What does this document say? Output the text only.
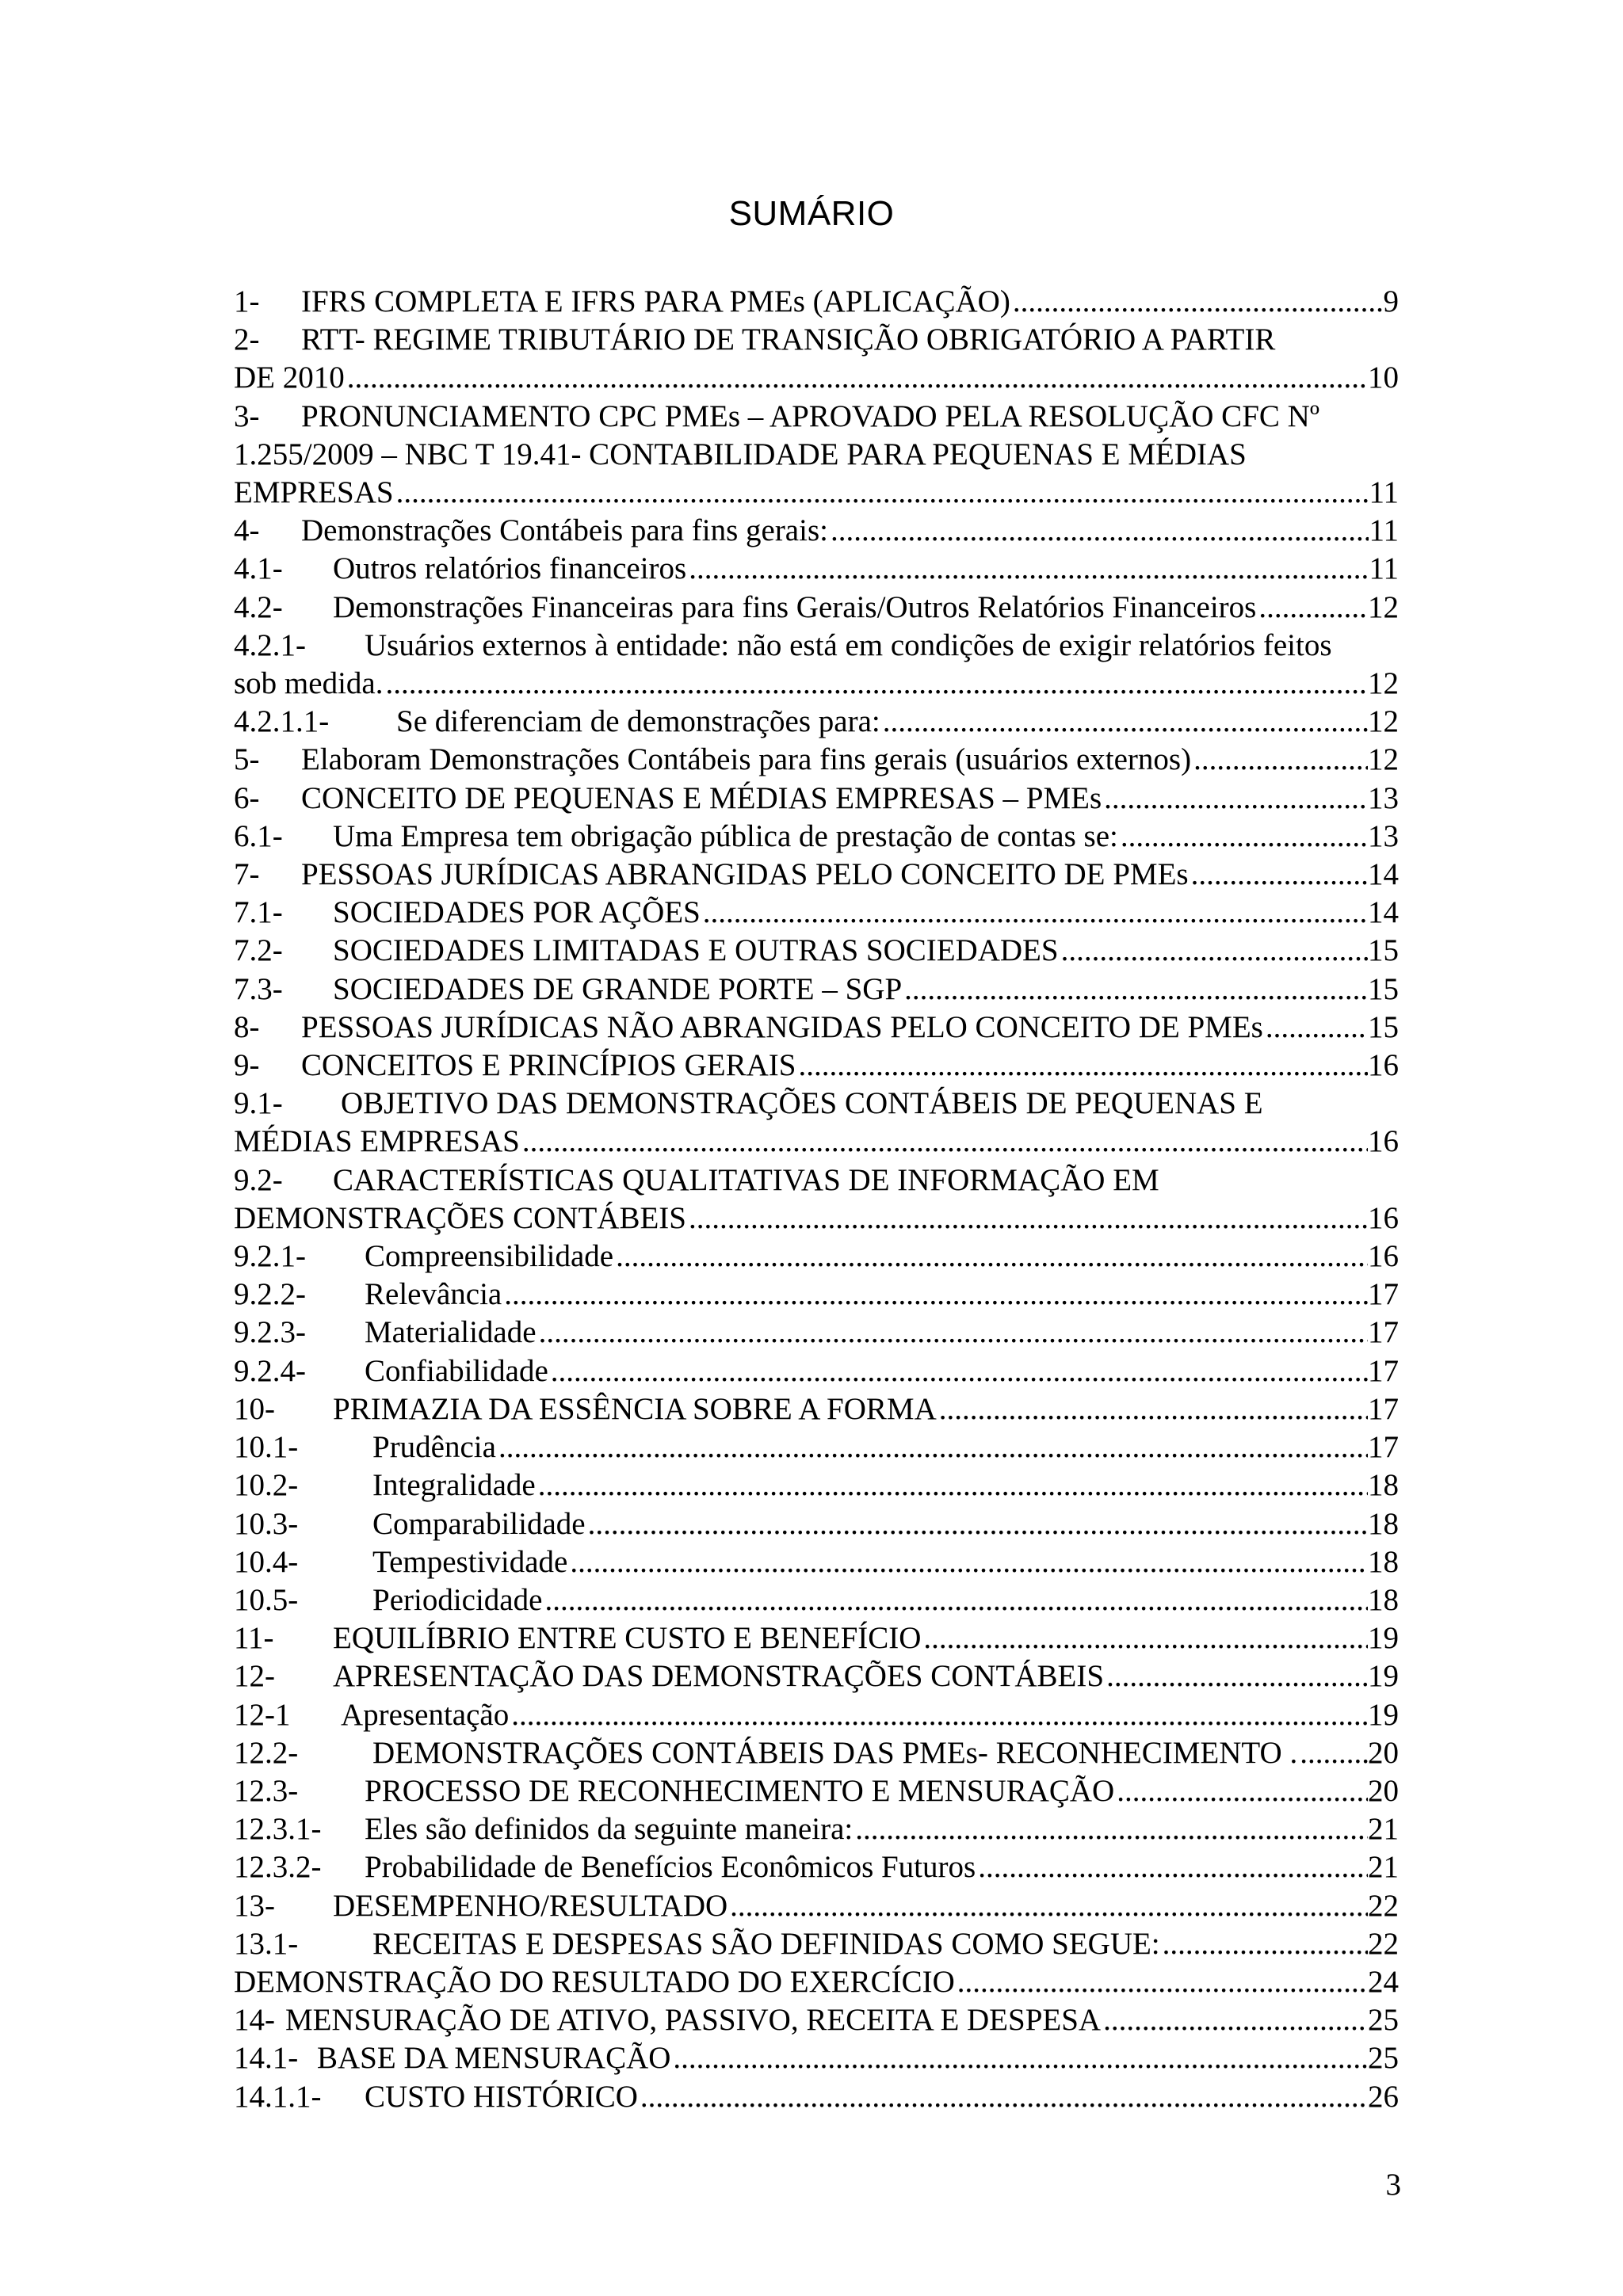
SUMÁRIO
1- IFRS COMPLETA E IFRS PARA PMEs (APLICAÇÃO) .....	9
2- RTT- REGIME TRIBUTÁRIO DE TRANSIÇÃO OBRIGATÓRIO A PARTIR
DE 2010 .....	10
3- PRONUNCIAMENTO CPC PMEs – APROVADO PELA RESOLUÇÃO CFC Nº
1.255/2009 – NBC T 19.41- CONTABILIDADE PARA PEQUENAS E MÉDIAS
EMPRESAS .....	11
4- Demonstrações Contábeis para fins gerais: .....	11
4.1- Outros relatórios financeiros .....	11
4.2- Demonstrações Financeiras para fins Gerais/Outros Relatórios Financeiros .....	12
4.2.1- Usuários externos à entidade: não está em condições de exigir relatórios feitos
sob medida. .....	12
4.2.1.1- Se diferenciam de demonstrações para: .....	12
5- Elaboram Demonstrações Contábeis para fins gerais (usuários externos) .....	12
6- CONCEITO DE PEQUENAS E MÉDIAS EMPRESAS – PMEs .....	13
6.1- Uma Empresa tem obrigação pública de prestação de contas se: .....	13
7- PESSOAS JURÍDICAS ABRANGIDAS PELO CONCEITO DE PMEs .....	14
7.1- SOCIEDADES POR AÇÕES .....	14
7.2- SOCIEDADES LIMITADAS E OUTRAS SOCIEDADES .....	15
7.3- SOCIEDADES DE GRANDE PORTE – SGP .....	15
8- PESSOAS JURÍDICAS NÃO ABRANGIDAS PELO CONCEITO DE PMEs .....	15
9- CONCEITOS E PRINCÍPIOS GERAIS .....	16
9.1- OBJETIVO DAS DEMONSTRAÇÕES CONTÁBEIS DE PEQUENAS E
MÉDIAS EMPRESAS .....	16
9.2- CARACTERÍSTICAS QUALITATIVAS DE INFORMAÇÃO EM
DEMONSTRAÇÕES CONTÁBEIS .....	16
9.2.1- Compreensibilidade .....	16
9.2.2- Relevância .....	17
9.2.3- Materialidade .....	17
9.2.4- Confiabilidade .....	17
10- PRIMAZIA DA ESSÊNCIA SOBRE A FORMA .....	17
10.1- Prudência .....	17
10.2- Integralidade .....	18
10.3- Comparabilidade .....	18
10.4- Tempestividade .....	18
10.5- Periodicidade .....	18
11- EQUILÍBRIO ENTRE CUSTO E BENEFÍCIO .....	19
12- APRESENTAÇÃO DAS DEMONSTRAÇÕES CONTÁBEIS .....	19
12-1 Apresentação .....	19
12.2- DEMONSTRAÇÕES CONTÁBEIS DAS PMEs- RECONHECIMENTO . ..... 20
12.3- PROCESSO DE RECONHECIMENTO E MENSURAÇÃO .....	20
12.3.1- Eles são definidos da seguinte maneira: .....	21
12.3.2- Probabilidade de Benefícios Econômicos Futuros .....	21
13- DESEMPENHO/RESULTADO .....	22
13.1- RECEITAS E DESPESAS SÃO DEFINIDAS COMO SEGUE: .....	22
DEMONSTRAÇÃO DO RESULTADO DO EXERCÍCIO .....	24
14- MENSURAÇÃO DE ATIVO, PASSIVO, RECEITA E DESPESA .....	25
14.1- BASE DA MENSURAÇÃO .....	25
14.1.1- CUSTO HISTÓRICO .....	26
3
